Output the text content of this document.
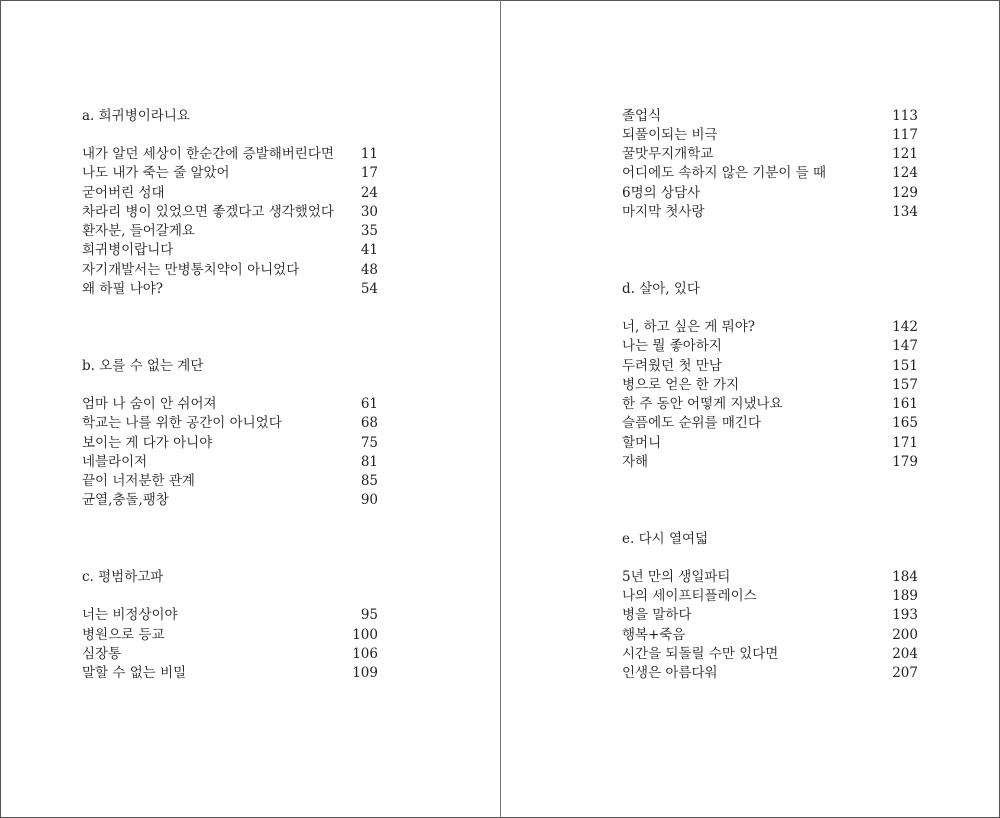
a. 희귀병이라니요
내가 알던 세상이 한순간에 증발해버린다면 11
나도 내가 죽는 줄 알았어	17
굳어버린 성대	24
차라리 병이 있었으면 좋겠다고 생각했었다 30
환자분, 들어갈게요	35
희귀병이랍니다	41
자기개발서는 만병통치약이 아니었다	48
왜 하필 나야?	54
b. 오를 수 없는 계단
엄마 나 숨이 안 쉬어져	61
학교는 나를 위한 공간이 아니었다	68
보이는 게 다가 아니야	75
네블라이저	81
끝이 너저분한 관계	85
균열,충돌,팽창	90
c. 평범하고파
너는 비정상이야	95
병원으로 등교	100
심장통	106
말할 수 없는 비밀	109
졸업식	113
되풀이되는 비극	117
꿀맛무지개학교	121
어디에도 속하지 않은 기분이 들 때	124
6명의 상담사	129
마지막 첫사랑	134
d. 살아, 있다
너, 하고 싶은 게 뭐야?	142
나는 뭘 좋아하지	147
두려웠던 첫 만남	151
병으로 얻은 한 가지	157
한 주 동안 어떻게 지냈나요	161
슬픔에도 순위를 매긴다	165
할머니	171
자해	179
e. 다시 열여덟
5년 만의 생일파티	184
나의 세이프티플레이스	189
병을 말하다	193
행복+죽음	200
시간을 되돌릴 수만 있다면	204
인생은 아름다워	207
